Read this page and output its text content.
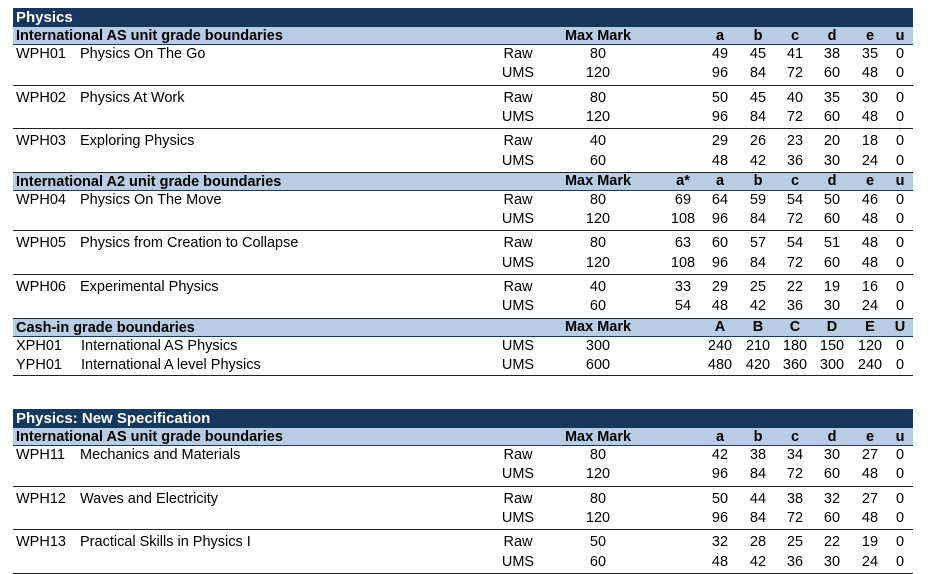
Physics
International AS unit grade boundaries	Max Mark	a b c d e u
WPH01 Physics On The Go	Raw	80	49 45 41 38 35 0
UMS	120	96 84 72 60 48 0
WPH02 Physics At Work	Raw	80	50 45 40 35 30 0
UMS	120	96 84 72 60 48 0
WPH03 Exploring Physics	Raw	40	29 26 23 20 18 0
UMS	60	48 42 36 30 24 0
International A2 unit grade boundaries	Max Mark	a* a b c d e u
WPH04 Physics On The Move	Raw	80	69 64 59 54 50 46 0
UMS	120	108 96 84 72 60 48 0
WPH05 Physics from Creation to Collapse	Raw	80	63 60 57 54 51 48 0
UMS	120	108 96 84 72 60 48 0
WPH06 Experimental Physics	Raw	40	33 29 25 22 19 16 0
UMS	60	54 48 42 36 30 24 0
Cash-in grade boundaries	Max Mark	A B C D E U
XPH01 International AS Physics	UMS	300	240 210 180 150 120 0
YPH01 International A level Physics	UMS	600	480 420 360 300 240 0
Physics: New Specification
International AS unit grade boundaries	Max Mark	a b c d e u
WPH11 Mechanics and Materials	Raw	80	42 38 34 30 27 0
UMS	120	96 84 72 60 48 0
WPH12 Waves and Electricity	Raw	80	50 44 38 32 27 0
UMS	120	96 84 72 60 48 0
WPH13 Practical Skills in Physics I	Raw	50	32 28 25 22 19 0
UMS	60	48 42 36 30 24 0
